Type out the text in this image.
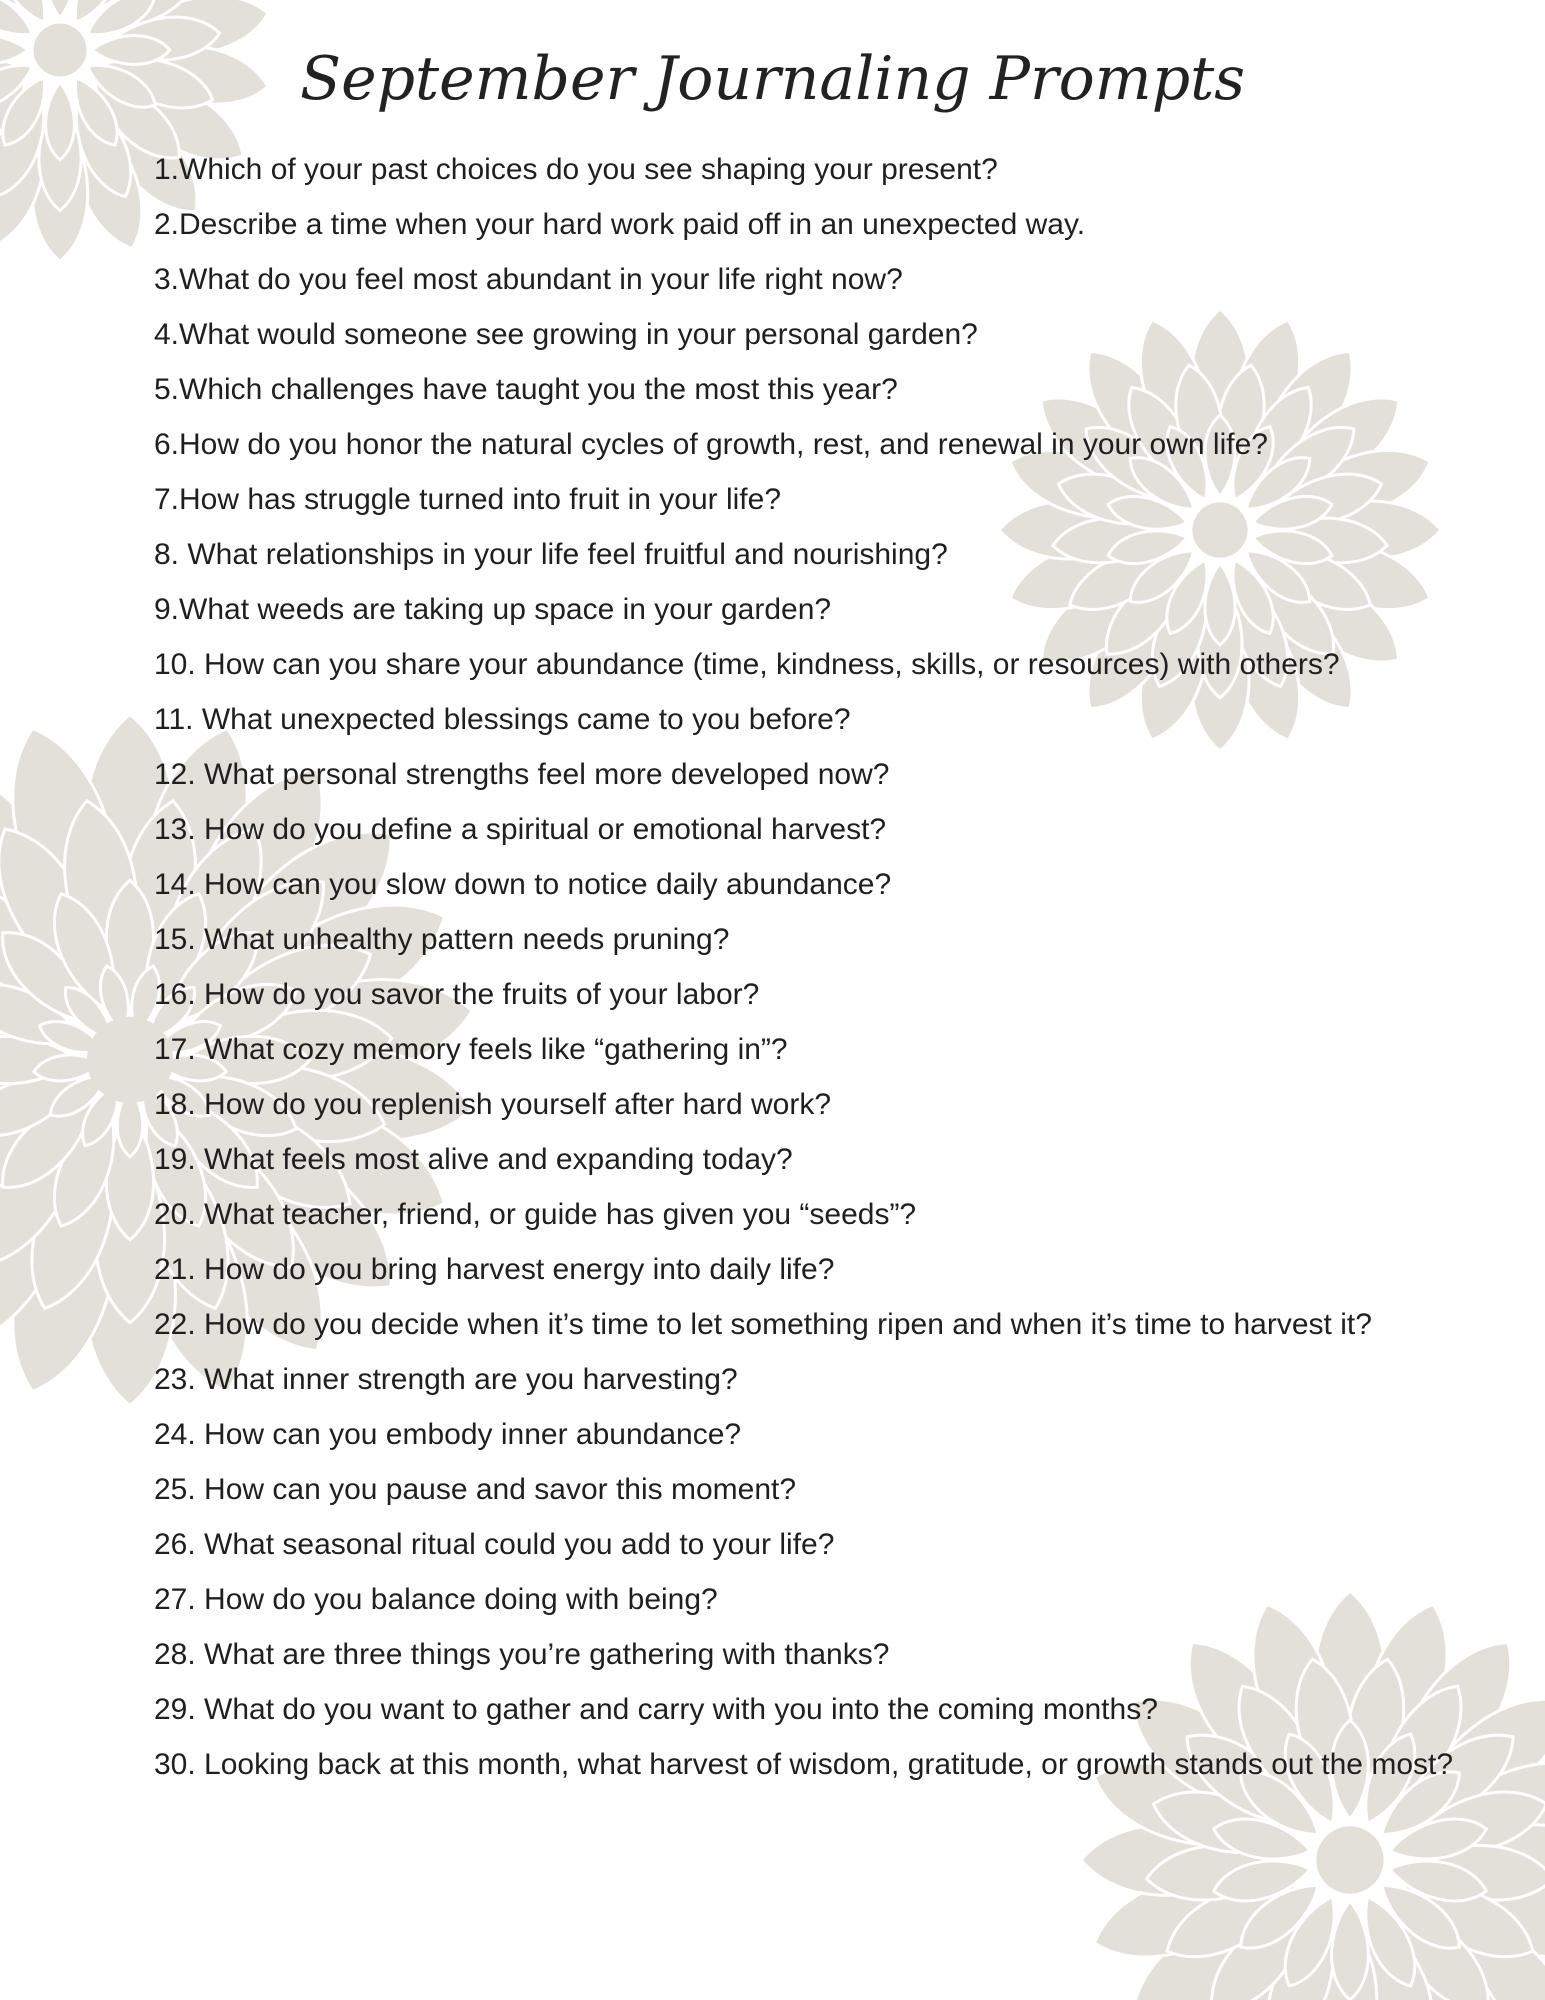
September Journaling Prompts
1.Which of your past choices do you see shaping your present?
2.Describe a time when your hard work paid off in an unexpected way.
3.What do you feel most abundant in your life right now?
4.What would someone see growing in your personal garden?
5.Which challenges have taught you the most this year?
6.How do you honor the natural cycles of growth, rest, and renewal in your own life?
7.How has struggle turned into fruit in your life?
8. What relationships in your life feel fruitful and nourishing?
9.What weeds are taking up space in your garden?
10. How can you share your abundance (time, kindness, skills, or resources) with others?
11. What unexpected blessings came to you before?
12. What personal strengths feel more developed now?
13. How do you define a spiritual or emotional harvest?
14. How can you slow down to notice daily abundance?
15. What unhealthy pattern needs pruning?
16. How do you savor the fruits of your labor?
17. What cozy memory feels like “gathering in”?
18. How do you replenish yourself after hard work?
19. What feels most alive and expanding today?
20. What teacher, friend, or guide has given you “seeds”?
21. How do you bring harvest energy into daily life?
22. How do you decide when it’s time to let something ripen and when it’s time to harvest it?
23. What inner strength are you harvesting?
24. How can you embody inner abundance?
25. How can you pause and savor this moment?
26. What seasonal ritual could you add to your life?
27. How do you balance doing with being?
28. What are three things you’re gathering with thanks?
29. What do you want to gather and carry with you into the coming months?
30. Looking back at this month, what harvest of wisdom, gratitude, or growth stands out the most?
